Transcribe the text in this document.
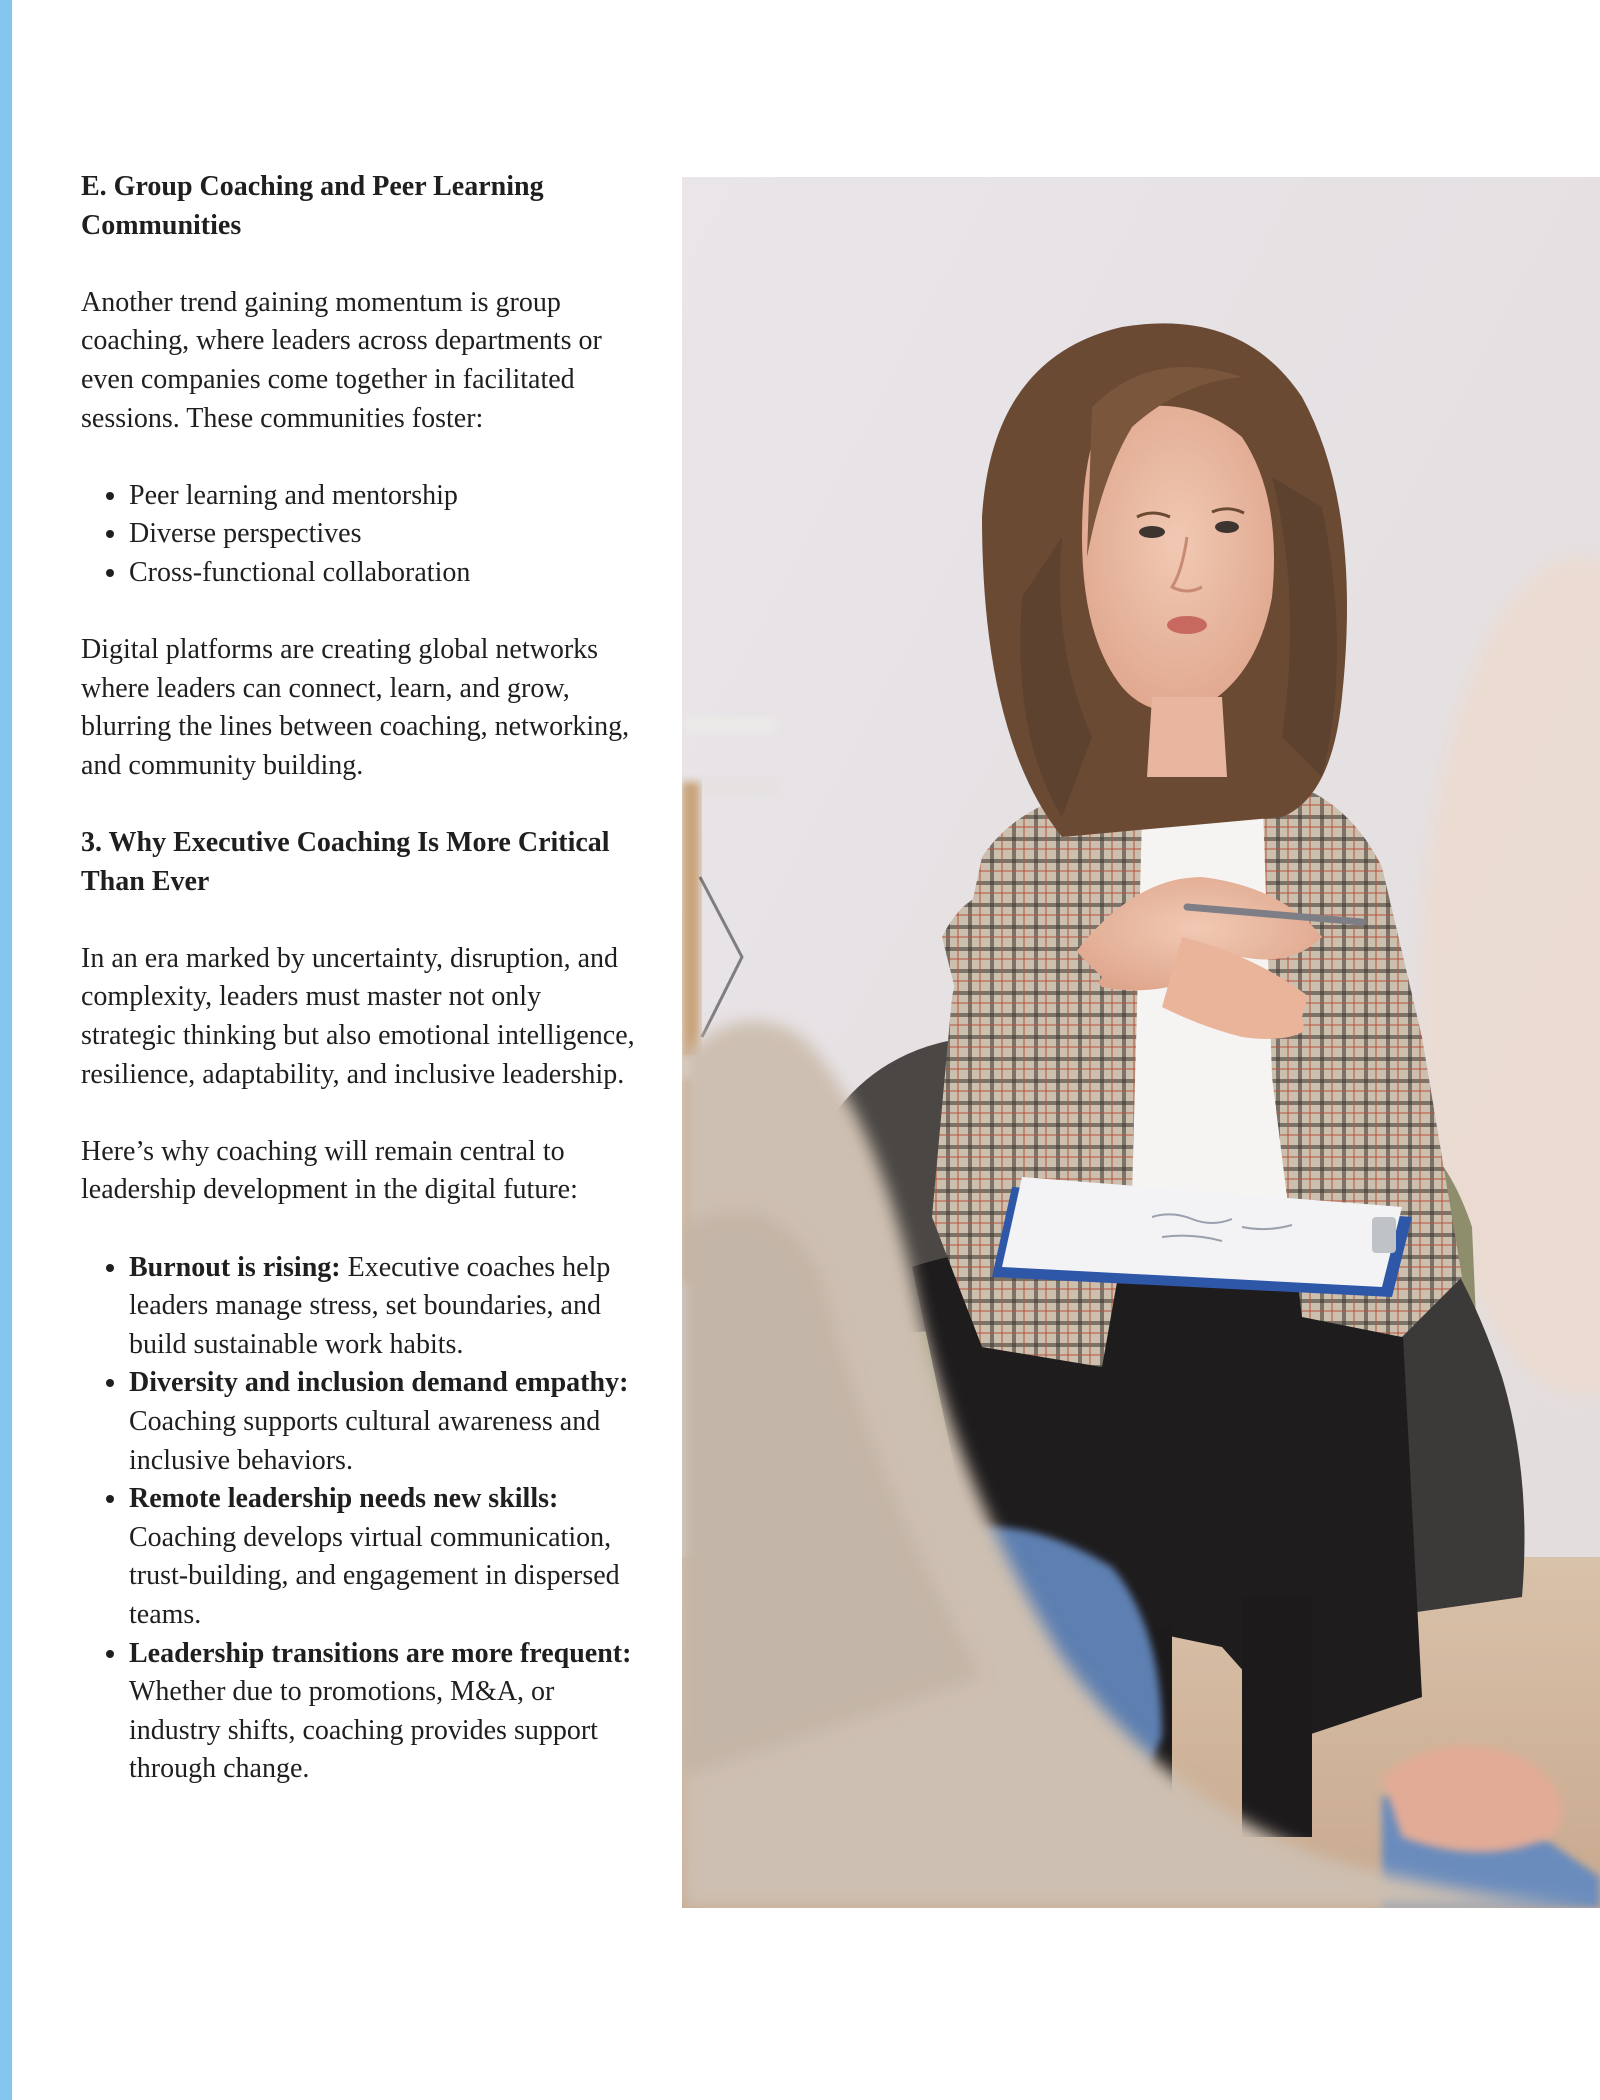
E. Group Coaching and Peer Learning Communities

Another trend gaining momentum is group coaching, where leaders across departments or even companies come together in facilitated sessions. These communities foster:

• Peer learning and mentorship
• Diverse perspectives
• Cross-functional collaboration

Digital platforms are creating global networks where leaders can connect, learn, and grow, blurring the lines between coaching, networking, and community building.

3. Why Executive Coaching Is More Critical Than Ever

In an era marked by uncertainty, disruption, and complexity, leaders must master not only strategic thinking but also emotional intelligence, resilience, adaptability, and inclusive leadership.

Here’s why coaching will remain central to leadership development in the digital future:

• Burnout is rising: Executive coaches help leaders manage stress, set boundaries, and build sustainable work habits.
• Diversity and inclusion demand empathy: Coaching supports cultural awareness and inclusive behaviors.
• Remote leadership needs new skills: Coaching develops virtual communication, trust-building, and engagement in dispersed teams.
• Leadership transitions are more frequent: Whether due to promotions, M&A, or industry shifts, coaching provides support through change.
